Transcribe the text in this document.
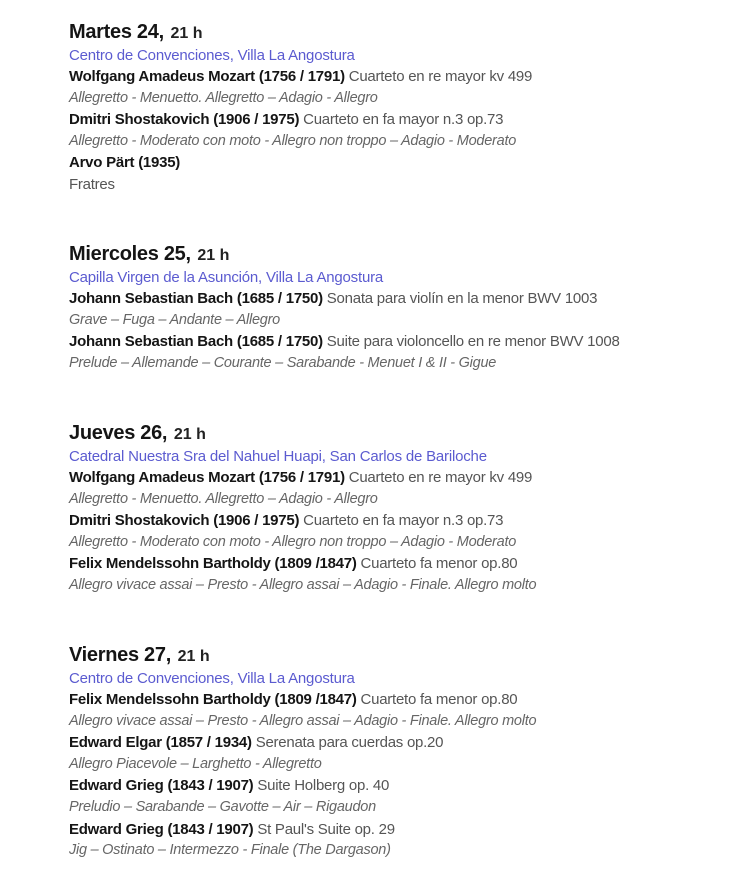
Martes 24, 21 h
Centro de Convenciones, Villa La Angostura
Wolfgang Amadeus Mozart (1756 / 1791) Cuarteto en re mayor kv 499
Allegretto - Menuetto. Allegretto – Adagio - Allegro
Dmitri Shostakovich (1906 / 1975) Cuarteto en fa mayor n.3 op.73
Allegretto - Moderato con moto - Allegro non troppo – Adagio - Moderato
Arvo Pärt (1935)
Fratres
Miercoles 25, 21 h
Capilla Virgen de la Asunción, Villa La Angostura
Johann Sebastian Bach (1685 / 1750) Sonata para violín en la menor BWV 1003
Grave – Fuga – Andante – Allegro
Johann Sebastian Bach (1685 / 1750) Suite para violoncello en re menor BWV 1008
Prelude – Allemande – Courante – Sarabande - Menuet I & II - Gigue
Jueves 26, 21 h
Catedral Nuestra Sra del Nahuel Huapi, San Carlos de Bariloche
Wolfgang Amadeus Mozart (1756 / 1791) Cuarteto en re mayor kv 499
Allegretto - Menuetto. Allegretto – Adagio - Allegro
Dmitri Shostakovich (1906 / 1975) Cuarteto en fa mayor n.3 op.73
Allegretto - Moderato con moto - Allegro non troppo – Adagio - Moderato
Felix Mendelssohn Bartholdy (1809 /1847) Cuarteto fa menor op.80
Allegro vivace assai – Presto - Allegro assai – Adagio - Finale. Allegro molto
Viernes 27, 21 h
Centro de Convenciones, Villa La Angostura
Felix Mendelssohn Bartholdy (1809 /1847) Cuarteto fa menor op.80
Allegro vivace assai – Presto - Allegro assai – Adagio - Finale. Allegro molto
Edward Elgar (1857 / 1934) Serenata para cuerdas op.20
Allegro Piacevole – Larghetto - Allegretto
Edward Grieg (1843 / 1907) Suite Holberg op. 40
Preludio – Sarabande – Gavotte – Air – Rigaudon
Edward Grieg (1843 / 1907) St Paul's Suite op. 29
Jig – Ostinato – Intermezzo - Finale (The Dargason)
